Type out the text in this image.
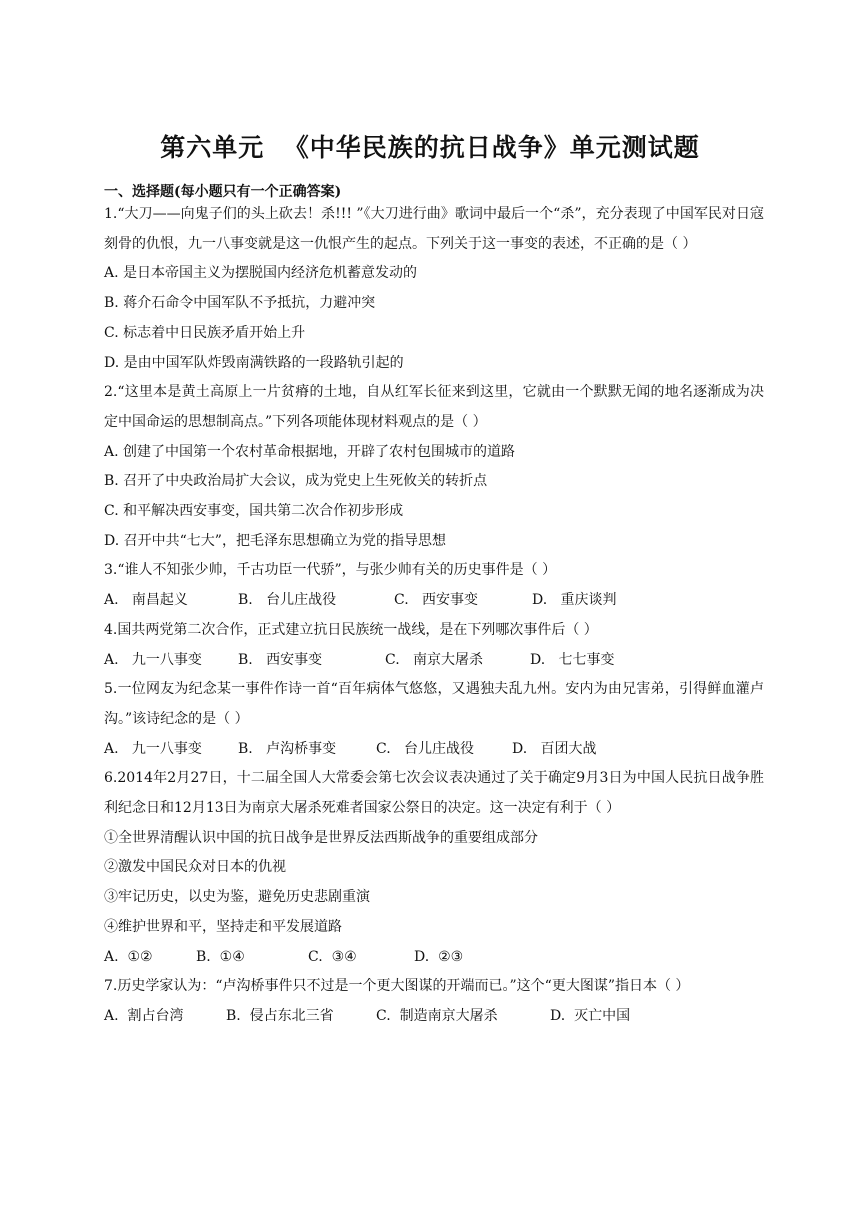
第六单元  《中华民族的抗日战争》单元测试题
一、选择题(每小题只有一个正确答案)
1.“大刀——向鬼子们的头上砍去！杀!!! ”《大刀进行曲》歌词中最后一个“杀”，充分表现了中国军民对日寇刻骨的仇恨，九一八事变就是这一仇恨产生的起点。下列关于这一事变的表述，不正确的是（ ）
A. 是日本帝国主义为摆脱国内经济危机蓄意发动的
B. 蒋介石命令中国军队不予抵抗，力避冲突
C. 标志着中日民族矛盾开始上升
D. 是由中国军队炸毁南满铁路的一段路轨引起的
2.“这里本是黄土高原上一片贫瘠的土地，自从红军长征来到这里，它就由一个默默无闻的地名逐渐成为决定中国命运的思想制高点。”下列各项能体现材料观点的是（ ）
A. 创建了中国第一个农村革命根据地，开辟了农村包围城市的道路
B. 召开了中央政治局扩大会议，成为党史上生死攸关的转折点
C. 和平解决西安事变，国共第二次合作初步形成
D. 召开中共“七大”，把毛泽东思想确立为党的指导思想
3.“谁人不知张少帅，千古功臣一代骄”，与张少帅有关的历史事件是（ ）
A.   南昌起义	B.   台儿庄战役	C.   西安事变	D.   重庆谈判
4.国共两党第二次合作，正式建立抗日民族统一战线，是在下列哪次事件后（ ）
A.   九一八事变	B.   西安事变	C.   南京大屠杀	D.   七七事变
5.一位网友为纪念某一事件作诗一首“百年病体气悠悠，又遇独夫乱九州。安内为由兄害弟，引得鲜血灌卢沟。”该诗纪念的是（ ）
A.   九一八事变	B.   卢沟桥事变	C.   台儿庄战役	D.   百团大战
6.2014年2月27日，十二届全国人大常委会第七次会议表决通过了关于确定9月3日为中国人民抗日战争胜利纪念日和12月13日为南京大屠杀死难者国家公祭日的决定。这一决定有利于（ ）
①全世界清醒认识中国的抗日战争是世界反法西斯战争的重要组成部分
②激发中国民众对日本的仇视
③牢记历史，以史为鉴，避免历史悲剧重演
④维护世界和平，坚持走和平发展道路
A.  ①②	B.  ①④	C.  ③④	D.  ②③
7.历史学家认为：“卢沟桥事件只不过是一个更大图谋的开端而已。”这个“更大图谋”指日本（ ）
A.  割占台湾	B.  侵占东北三省	C.  制造南京大屠杀	D.  灭亡中国
